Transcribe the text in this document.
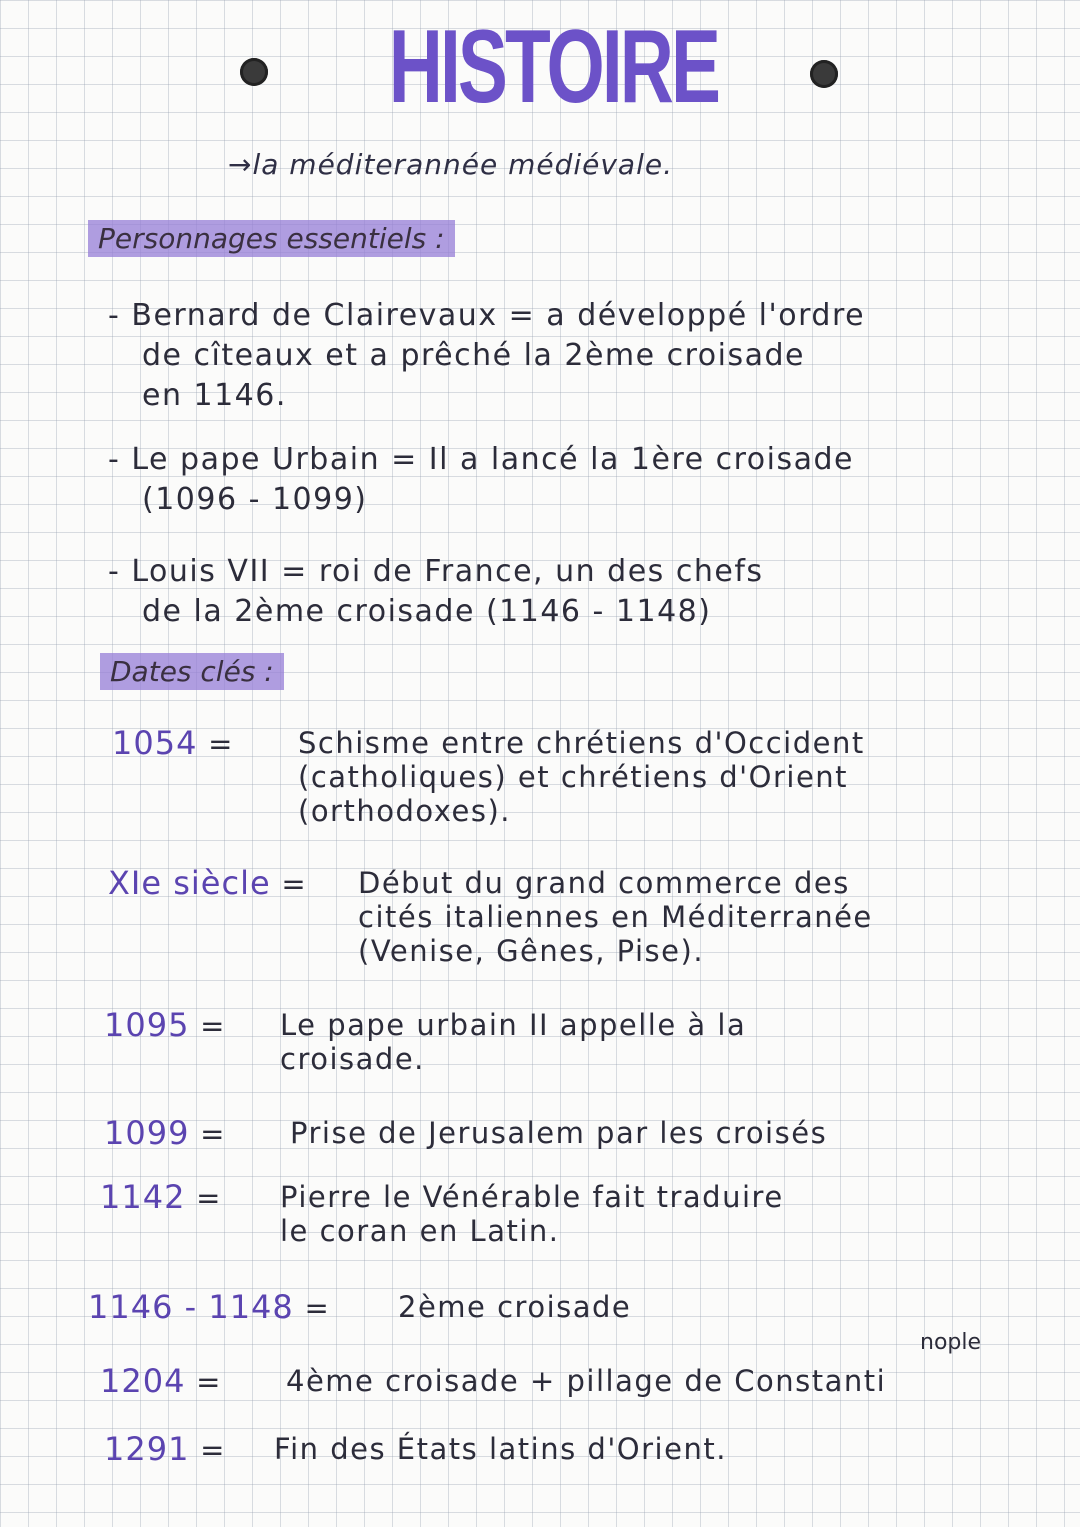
HISTOIRE
→la méditerannée médiévale.
Personnages essentiels :
- Bernard de Clairevaux = a développé l'ordre
de cîteaux et a prêché la 2ème croisade
en 1146.
- Le pape Urbain = Il a lancé la 1ère croisade
(1096 - 1099)
- Louis VII = roi de France, un des chefs
de la 2ème croisade (1146 - 1148)
Dates clés :
1054 = Schisme entre chrétiens d'Occident
(catholiques) et chrétiens d'Orient
(orthodoxes).
XIe siècle = Début du grand commerce des
cités italiennes en Méditerranée
(Venise, Gênes, Pise).
1095 = Le pape urbain II appelle à la
croisade.
1099 = Prise de Jerusalem par les croisés
1142 = Pierre le Vénérable fait traduire
le coran en Latin.
1146 - 1148 = 2ème croisade
nople
1204 = 4ème croisade + pillage de Constanti
1291 = Fin des États latins d'Orient.
